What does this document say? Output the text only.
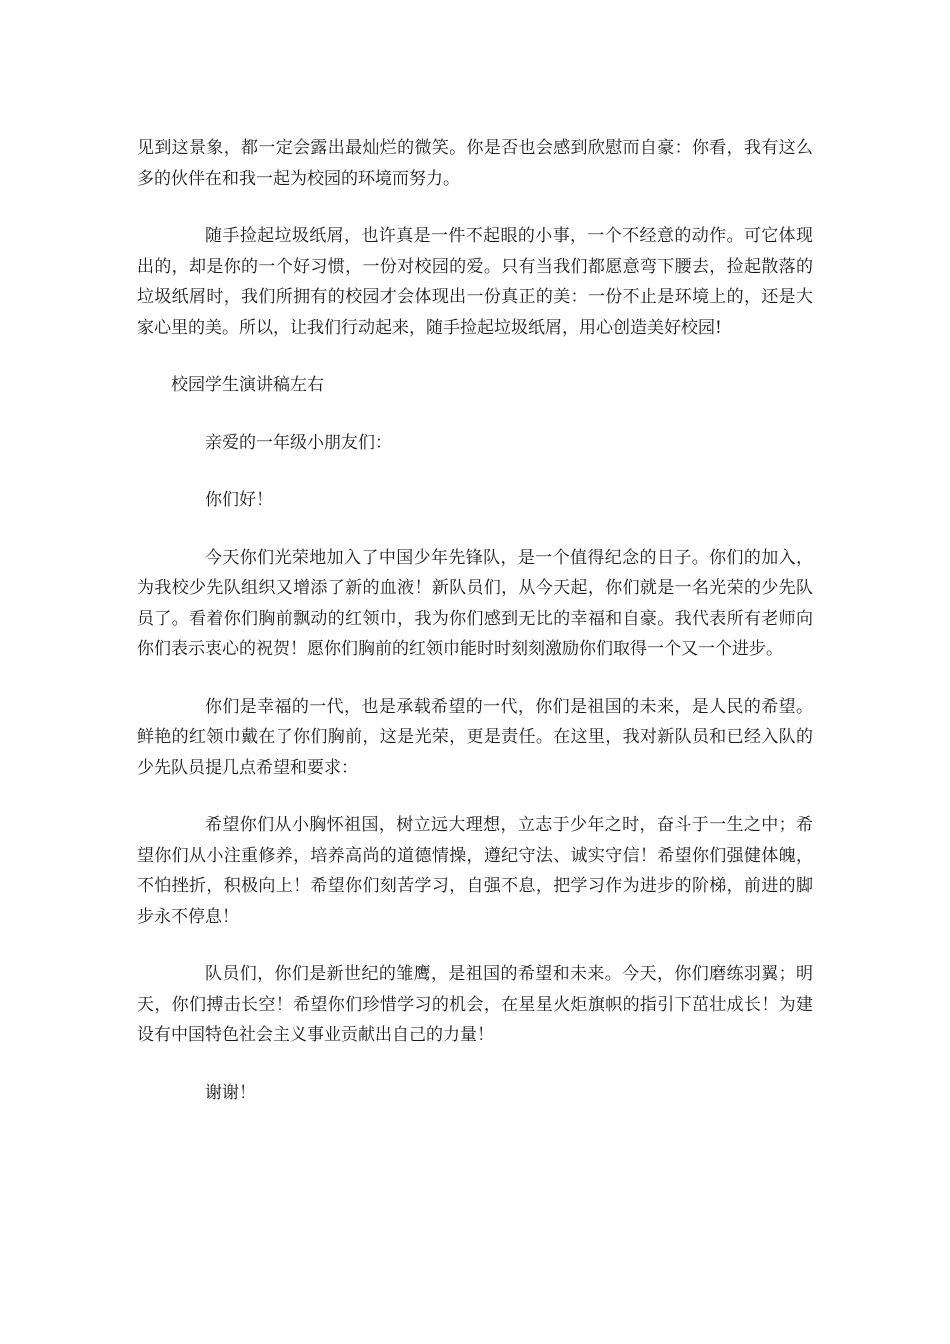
见到这景象，都一定会露出最灿烂的微笑。你是否也会感到欣慰而自豪：你看，我有这么多的伙伴在和我一起为校园的环境而努力。

随手捡起垃圾纸屑，也许真是一件不起眼的小事，一个不经意的动作。可它体现出的，却是你的一个好习惯，一份对校园的爱。只有当我们都愿意弯下腰去，捡起散落的垃圾纸屑时，我们所拥有的校园才会体现出一份真正的美：一份不止是环境上的，还是大家心里的美。所以，让我们行动起来，随手捡起垃圾纸屑，用心创造美好校园!

校园学生演讲稿左右

亲爱的一年级小朋友们：

你们好！

今天你们光荣地加入了中国少年先锋队，是一个值得纪念的日子。你们的加入，为我校少先队组织又增添了新的血液！新队员们，从今天起，你们就是一名光荣的少先队员了。看着你们胸前飘动的红领巾，我为你们感到无比的幸福和自豪。我代表所有老师向你们表示衷心的祝贺！愿你们胸前的红领巾能时时刻刻激励你们取得一个又一个进步。

你们是幸福的一代，也是承载希望的一代，你们是祖国的未来，是人民的希望。鲜艳的红领巾戴在了你们胸前，这是光荣，更是责任。在这里，我对新队员和已经入队的少先队员提几点希望和要求：

希望你们从小胸怀祖国，树立远大理想，立志于少年之时，奋斗于一生之中；希望你们从小注重修养，培养高尚的道德情操，遵纪守法、诚实守信！希望你们强健体魄，不怕挫折，积极向上！希望你们刻苦学习，自强不息，把学习作为进步的阶梯，前进的脚步永不停息！

队员们，你们是新世纪的雏鹰，是祖国的希望和未来。今天，你们磨练羽翼；明天，你们搏击长空！希望你们珍惜学习的机会，在星星火炬旗帜的指引下茁壮成长！为建设有中国特色社会主义事业贡献出自己的力量！

谢谢！
